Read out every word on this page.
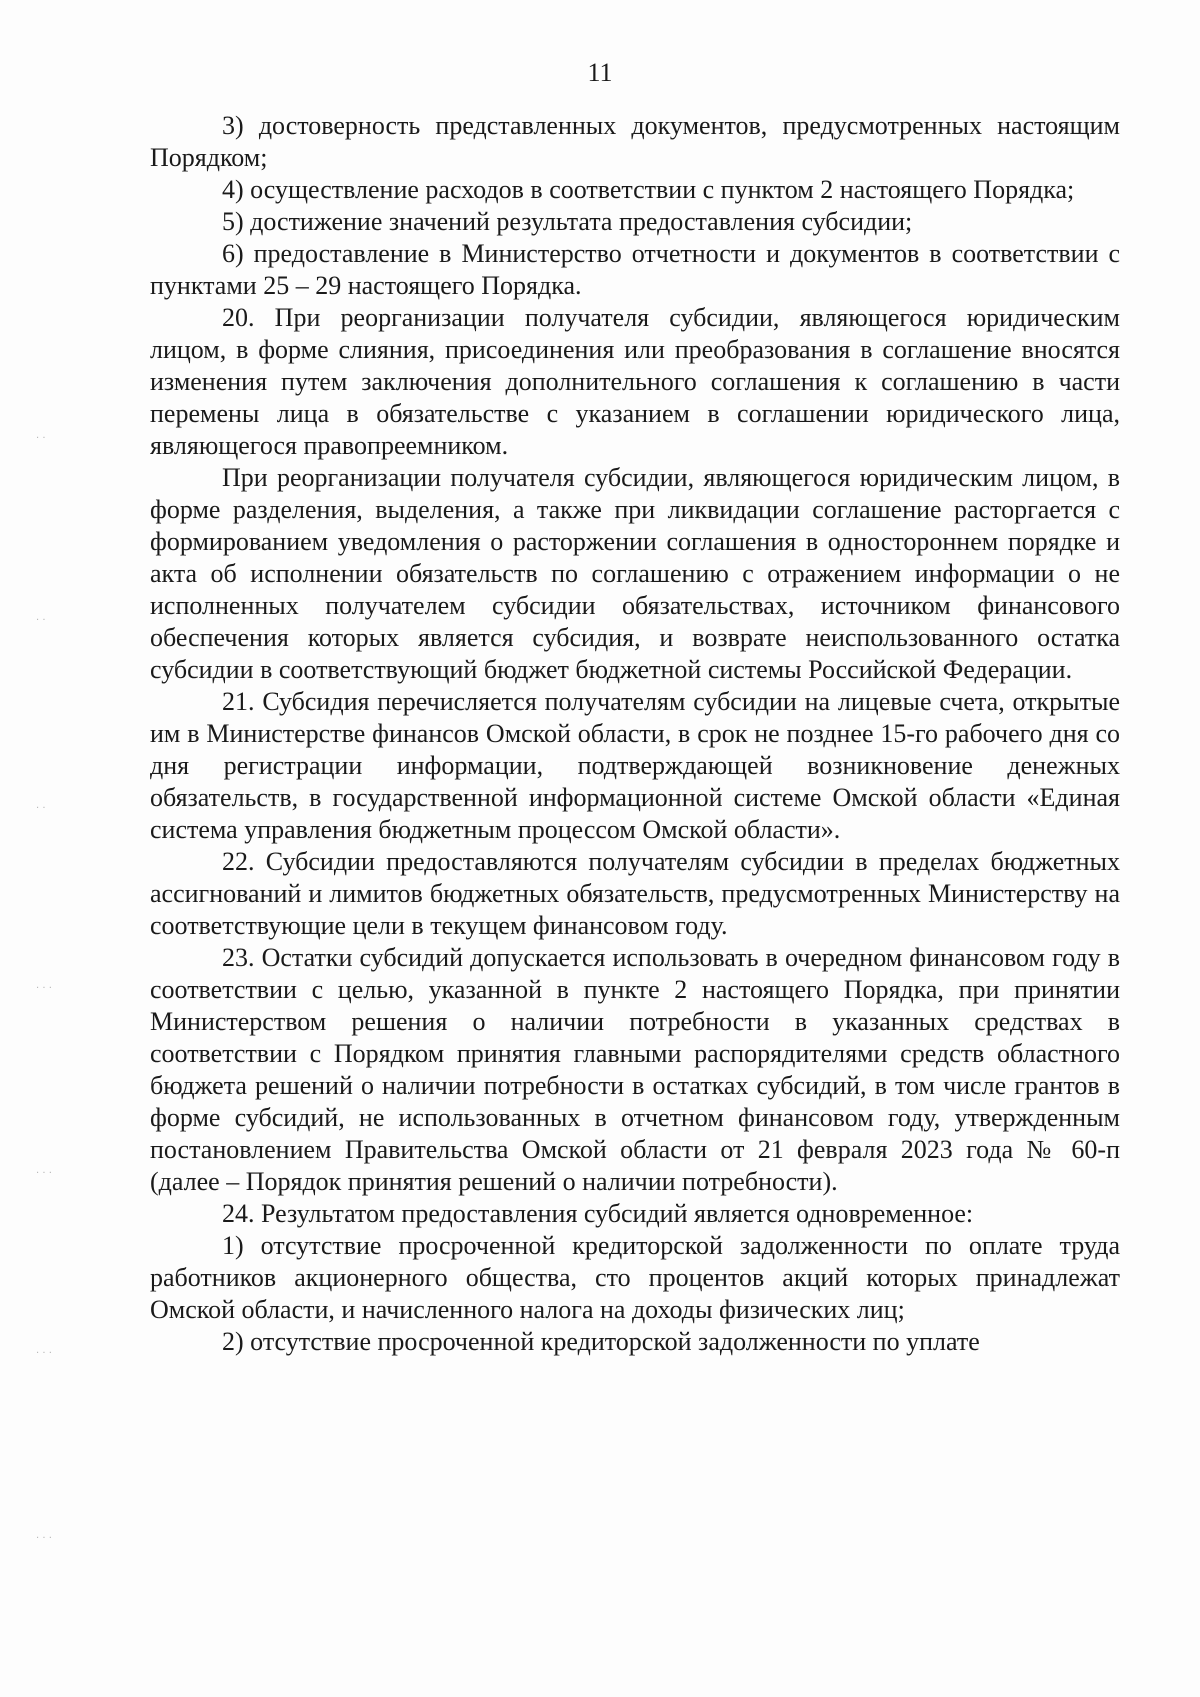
11

3) достоверность представленных документов, предусмотренных настоящим Порядком;

4) осуществление расходов в соответствии с пунктом 2 настоящего Порядка;

5) достижение значений результата предоставления субсидии;

6) предоставление в Министерство отчетности и документов в соответствии с пунктами 25 – 29 настоящего Порядка.

20. При реорганизации получателя субсидии, являющегося юридическим лицом, в форме слияния, присоединения или преобразования в соглашение вносятся изменения путем заключения дополнительного соглашения к соглашению в части перемены лица в обязательстве с указанием в соглашении юридического лица, являющегося правопреемником.

При реорганизации получателя субсидии, являющегося юридическим лицом, в форме разделения, выделения, а также при ликвидации соглашение расторгается с формированием уведомления о расторжении соглашения в одностороннем порядке и акта об исполнении обязательств по соглашению с отражением информации о не исполненных получателем субсидии обязательствах, источником финансового обеспечения которых является субсидия, и возврате неиспользованного остатка субсидии в соответствующий бюджет бюджетной системы Российской Федерации.

21. Субсидия перечисляется получателям субсидии на лицевые счета, открытые им в Министерстве финансов Омской области, в срок не позднее 15-го рабочего дня со дня регистрации информации, подтверждающей возникновение денежных обязательств, в государственной информационной системе Омской области «Единая система управления бюджетным процессом Омской области».

22. Субсидии предоставляются получателям субсидии в пределах бюджетных ассигнований и лимитов бюджетных обязательств, предусмотренных Министерству на соответствующие цели в текущем финансовом году.

23. Остатки субсидий допускается использовать в очередном финансовом году в соответствии с целью, указанной в пункте 2 настоящего Порядка, при принятии Министерством решения о наличии потребности в указанных средствах в соответствии с Порядком принятия главными распорядителями средств областного бюджета решений о наличии потребности в остатках субсидий, в том числе грантов в форме субсидий, не использованных в отчетном финансовом году, утвержденным постановлением Правительства Омской области от 21 февраля 2023 года № 60-п (далее – Порядок принятия решений о наличии потребности).

24. Результатом предоставления субсидий является одновременное:

1) отсутствие просроченной кредиторской задолженности по оплате труда работников акционерного общества, сто процентов акций которых принадлежат Омской области, и начисленного налога на доходы физических лиц;

2) отсутствие просроченной кредиторской задолженности по уплате

. .
. .
. .
. . .
. . .
. . .
. . .
